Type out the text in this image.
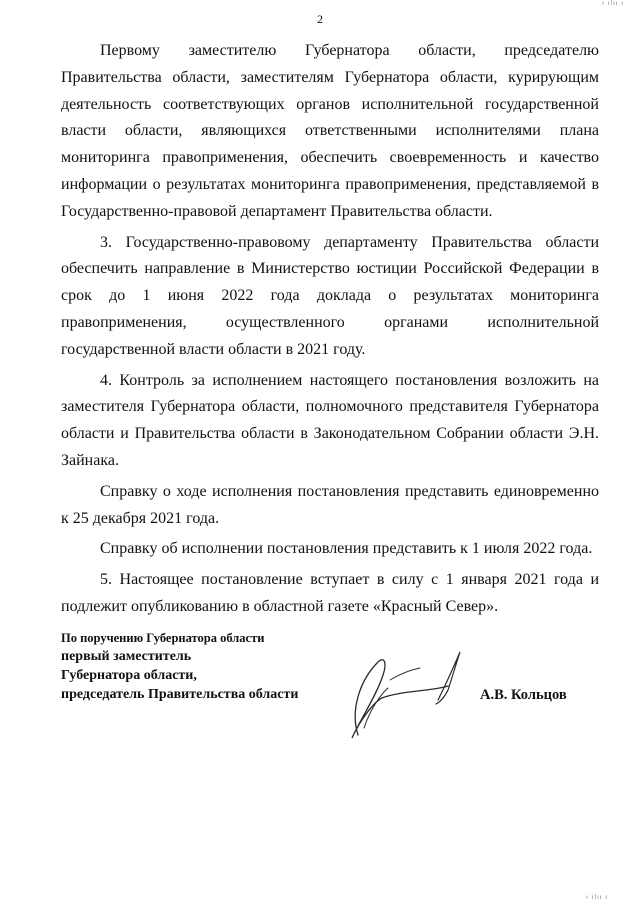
ı ılıı ı
2

Первому заместителю Губернатора области, председателю Правительства области, заместителям Губернатора области, курирующим деятельность соответствующих органов исполнительной государственной власти области, являющихся ответственными исполнителями плана мониторинга правоприменения, обеспечить своевременность и качество информации о результатах мониторинга правоприменения, представляемой в Государственно-правовой департамент Правительства области.

3. Государственно-правовому департаменту Правительства области обеспечить направление в Министерство юстиции Российской Федерации в срок до 1 июня 2022 года доклада о результатах мониторинга правоприменения, осуществленного органами исполнительной государственной власти области в 2021 году.

4. Контроль за исполнением настоящего постановления возложить на заместителя Губернатора области, полномочного представителя Губернатора области и Правительства области в Законодательном Собрании области Э.Н. Зайнака.

Справку о ходе исполнения постановления представить единовременно к 25 декабря 2021 года.

Справку об исполнении постановления представить к 1 июля 2022 года.

5. Настоящее постановление вступает в силу с 1 января 2021 года и подлежит опубликованию в областной газете «Красный Север».

По поручению Губернатора области
первый заместитель
Губернатора области,
председатель Правительства области	А.В. Кольцов
ı ılıı ı
